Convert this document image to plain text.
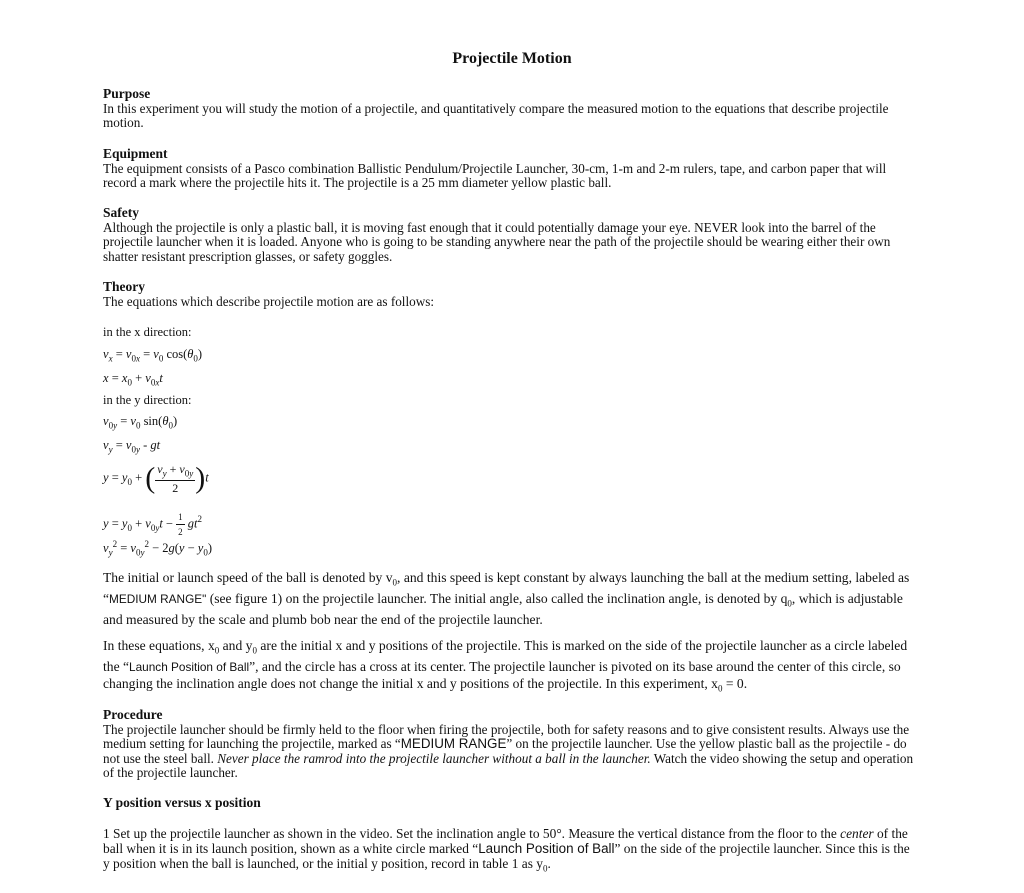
Projectile Motion
Purpose
In this experiment you will study the motion of a projectile, and quantitatively compare the measured motion to the equations that describe projectile motion.
Equipment
The equipment consists of a Pasco combination Ballistic Pendulum/Projectile Launcher, 30-cm, 1-m and 2-m rulers, tape, and carbon paper that will record a mark where the projectile hits it. The projectile is a 25 mm diameter yellow plastic ball.
Safety
Although the projectile is only a plastic ball, it is moving fast enough that it could potentially damage your eye. NEVER look into the barrel of the projectile launcher when it is loaded. Anyone who is going to be standing anywhere near the path of the projectile should be wearing either their own shatter resistant prescription glasses, or safety goggles.
Theory
The equations which describe projectile motion are as follows:
in the x direction:
$v_x = v_{0x} = v_0$ $\cos(\theta_0)$
$x = x_0 + v_{0x}t$
in the y direction:
$v_{0y} = v_0$ $\sin(\theta_0)$
$v_y = v_{0y}$ - gt
$y = y_0$ + ( $\frac{v_y + v_{0y}}{2} )t$
$y = y_0 + v_{0y}t - \frac{1}{2} gt^2$
$v_y^2 = v_{0y}^2 - 2g(y - y_0)$
The initial or launch speed of the ball is denoted by $v_0$, and this speed is kept constant by always launching the ball at the medium setting, labeled as “MEDIUM RANGE" (see figure 1) on the projectile launcher. The initial angle, also called the inclination angle, is denoted by $q_0$, which is adjustable and measured by the scale and plumb bob near the end of the projectile launcher.
In these equations, $x_0$ and $y_0$ are the initial x and y positions of the projectile. This is marked on the side of the projectile launcher as a circle labeled the “Launch Position of Ball”, and the circle has a cross at its center. The projectile launcher is pivoted on its base around the center of this circle, so changing the inclination angle does not change the initial x and y positions of the projectile. In this experiment, $x_0 = 0$.
Procedure
The projectile launcher should be firmly held to the floor when firing the projectile, both for safety reasons and to give consistent results. Always use the medium setting for launching the projectile, marked as “MEDIUM RANGE” on the projectile launcher. Use the yellow plastic ball as the projectile - do not use the steel ball. Never place the ramrod into the projectile launcher without a ball in the launcher. Watch the video showing the setup and operation of the projectile launcher.
Y position versus x position
1 Set up the projectile launcher as shown in the video. Set the inclination angle to 50°. Measure the vertical distance from the floor to the center of the ball when it is in its launch position, shown as a white circle marked “Launch Position of Ball” on the side of the projectile launcher. Since this is the y position when the ball is launched, or the initial y position, record in table 1 as $y_0$.
